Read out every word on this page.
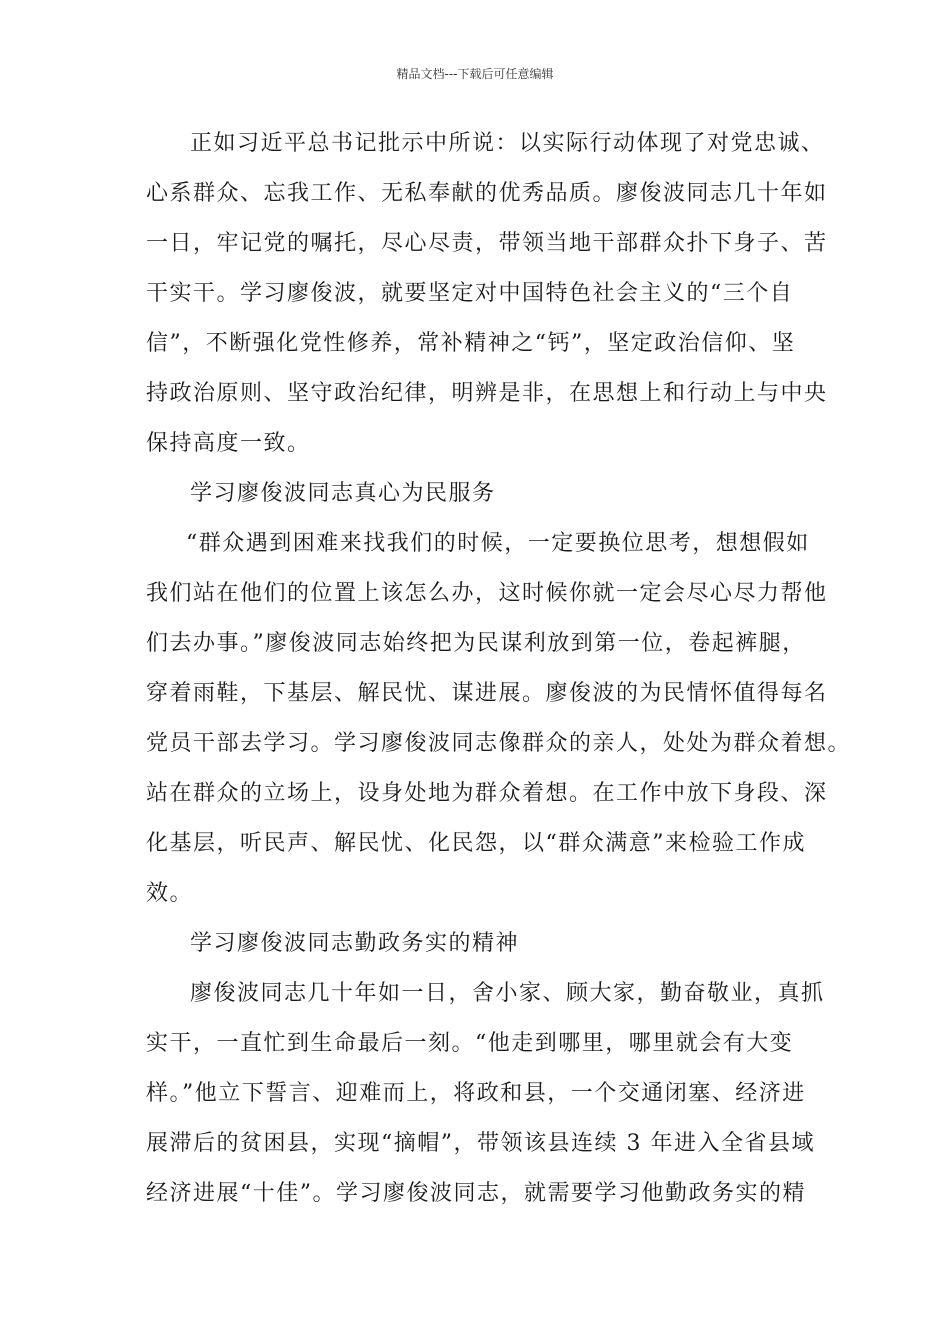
精品文档---下载后可任意编辑
正如习近平总书记批示中所说：以实际行动体现了对党忠诚、
心系群众、忘我工作、无私奉献的优秀品质。廖俊波同志几十年如
一日，牢记党的嘱托，尽心尽责，带领当地干部群众扑下身子、苦
干实干。学习廖俊波，就要坚定对中国特色社会主义的“三个自
信”，不断强化党性修养，常补精神之“钙”，坚定政治信仰、坚
持政治原则、坚守政治纪律，明辨是非，在思想上和行动上与中央
保持高度一致。
学习廖俊波同志真心为民服务
“群众遇到困难来找我们的时候，一定要换位思考，想想假如
我们站在他们的位置上该怎么办，这时候你就一定会尽心尽力帮他
们去办事。”廖俊波同志始终把为民谋利放到第一位，卷起裤腿，
穿着雨鞋，下基层、解民忧、谋进展。廖俊波的为民情怀值得每名
党员干部去学习。学习廖俊波同志像群众的亲人，处处为群众着想。
站在群众的立场上，设身处地为群众着想。在工作中放下身段、深
化基层，听民声、解民忧、化民怨，以“群众满意”来检验工作成
效。
学习廖俊波同志勤政务实的精神
廖俊波同志几十年如一日，舍小家、顾大家，勤奋敬业，真抓
实干，一直忙到生命最后一刻。“他走到哪里，哪里就会有大变
样。”他立下誓言、迎难而上，将政和县，一个交通闭塞、经济进
展滞后的贫困县，实现“摘帽”，带领该县连续 3 年进入全省县域
经济进展“十佳”。学习廖俊波同志，就需要学习他勤政务实的精
